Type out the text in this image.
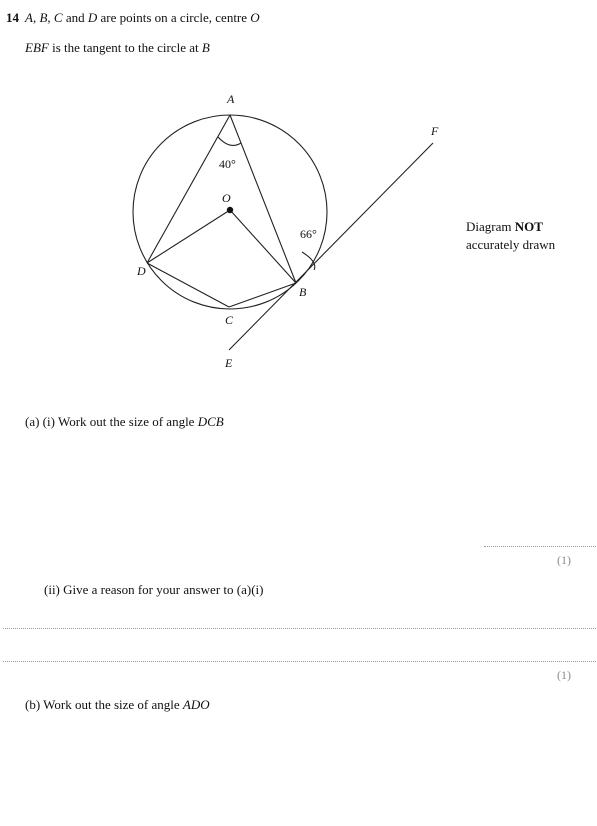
14 A, B, C and D are points on a circle, centre O
EBF is the tangent to the circle at B
A
O
D
B
C
E
F
40°
66°	Diagram NOT
accurately drawn
(a) (i) Work out the size of angle DCB
(1)
(ii) Give a reason for your answer to (a)(i)
(1)
(b) Work out the size of angle ADO
